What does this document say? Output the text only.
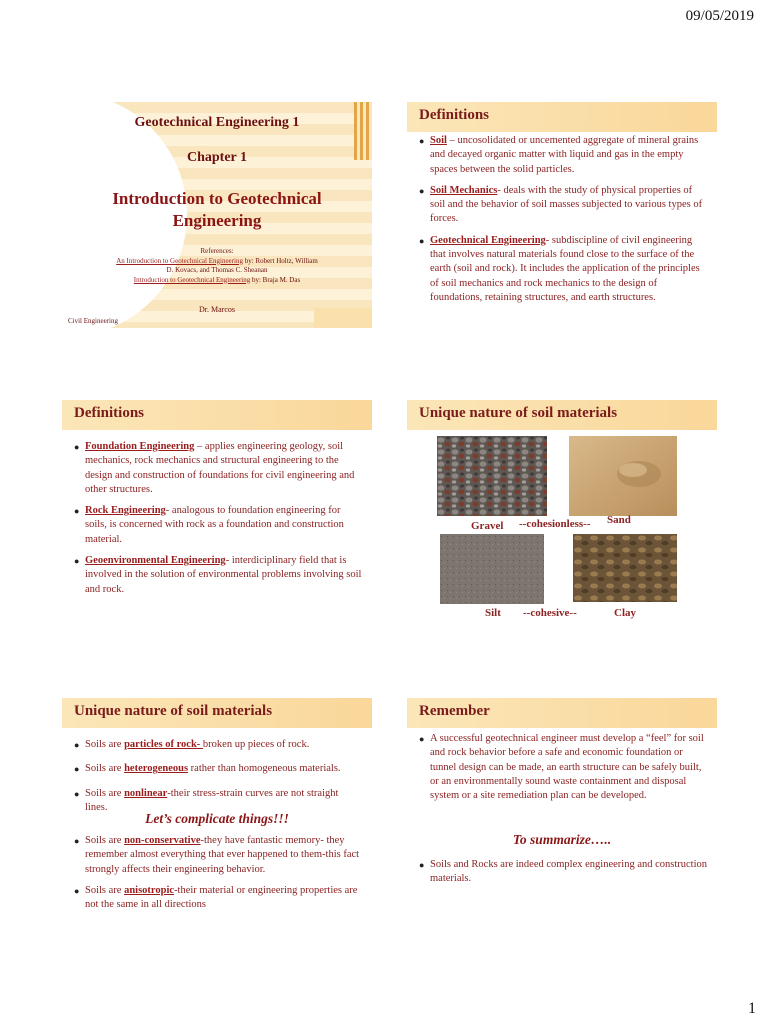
09/05/2019
Geotechnical Engineering 1
Chapter 1
Introduction to Geotechnical
Engineering
References:
An Introduction to Geotechnical Engineering by: Robert Holtz, William
D. Kovacs, and Thomas C. Sheanan
Introduction to Geotechnical Engineering by: Braja M. Das
Dr. Marcos
Civil Engineering
Definitions
● Soil – uncosolidated or uncemented aggregate of mineral grains and decayed organic matter with liquid and gas in the empty spaces between the solid particles.
● Soil Mechanics- deals with the study of physical properties of soil and the behavior of soil masses subjected to various types of forces.
● Geotechnical Engineering- subdiscipline of civil engineering that involves natural materials found close to the surface of the earth (soil and rock). It includes the application of the principles of soil mechanics and rock mechanics to the design of foundations, retaining structures, and earth structures.
Definitions
● Foundation Engineering – applies engineering geology, soil mechanics, rock mechanics and structural engineering to the design and construction of foundations for civil engineering and other structures.
● Rock Engineering- analogous to foundation engineering for soils, is concerned with rock as a foundation and construction material.
● Geoenvironmental Engineering- interdiciplinary field that is involved in the solution of environmental problems involving soil and rock.
Unique nature of soil materials
Gravel --cohesionless-- Sand
Silt --cohesive--	Clay
Unique nature of soil materials
● Soils are particles of rock- broken up pieces of rock.
● Soils are heterogeneous rather than homogeneous materials.
● Soils are nonlinear-their stress-strain curves are not straight lines.
Let’s complicate things!!!
● Soils are non-conservative-they have fantastic memory- they remember almost everything that ever happened to them-this fact strongly affects their engineering behavior.
● Soils are anisotropic-their material or engineering properties are not the same in all directions
Remember
● A successful geotechnical engineer must develop a “feel” for soil and rock behavior before a safe and economic foundation or tunnel design can be made, an earth structure can be safely built, or an environmentally sound waste containment and disposal system or a site remediation plan can be developed.
To summarize…..
● Soils and Rocks are indeed complex engineering and construction materials.
1
